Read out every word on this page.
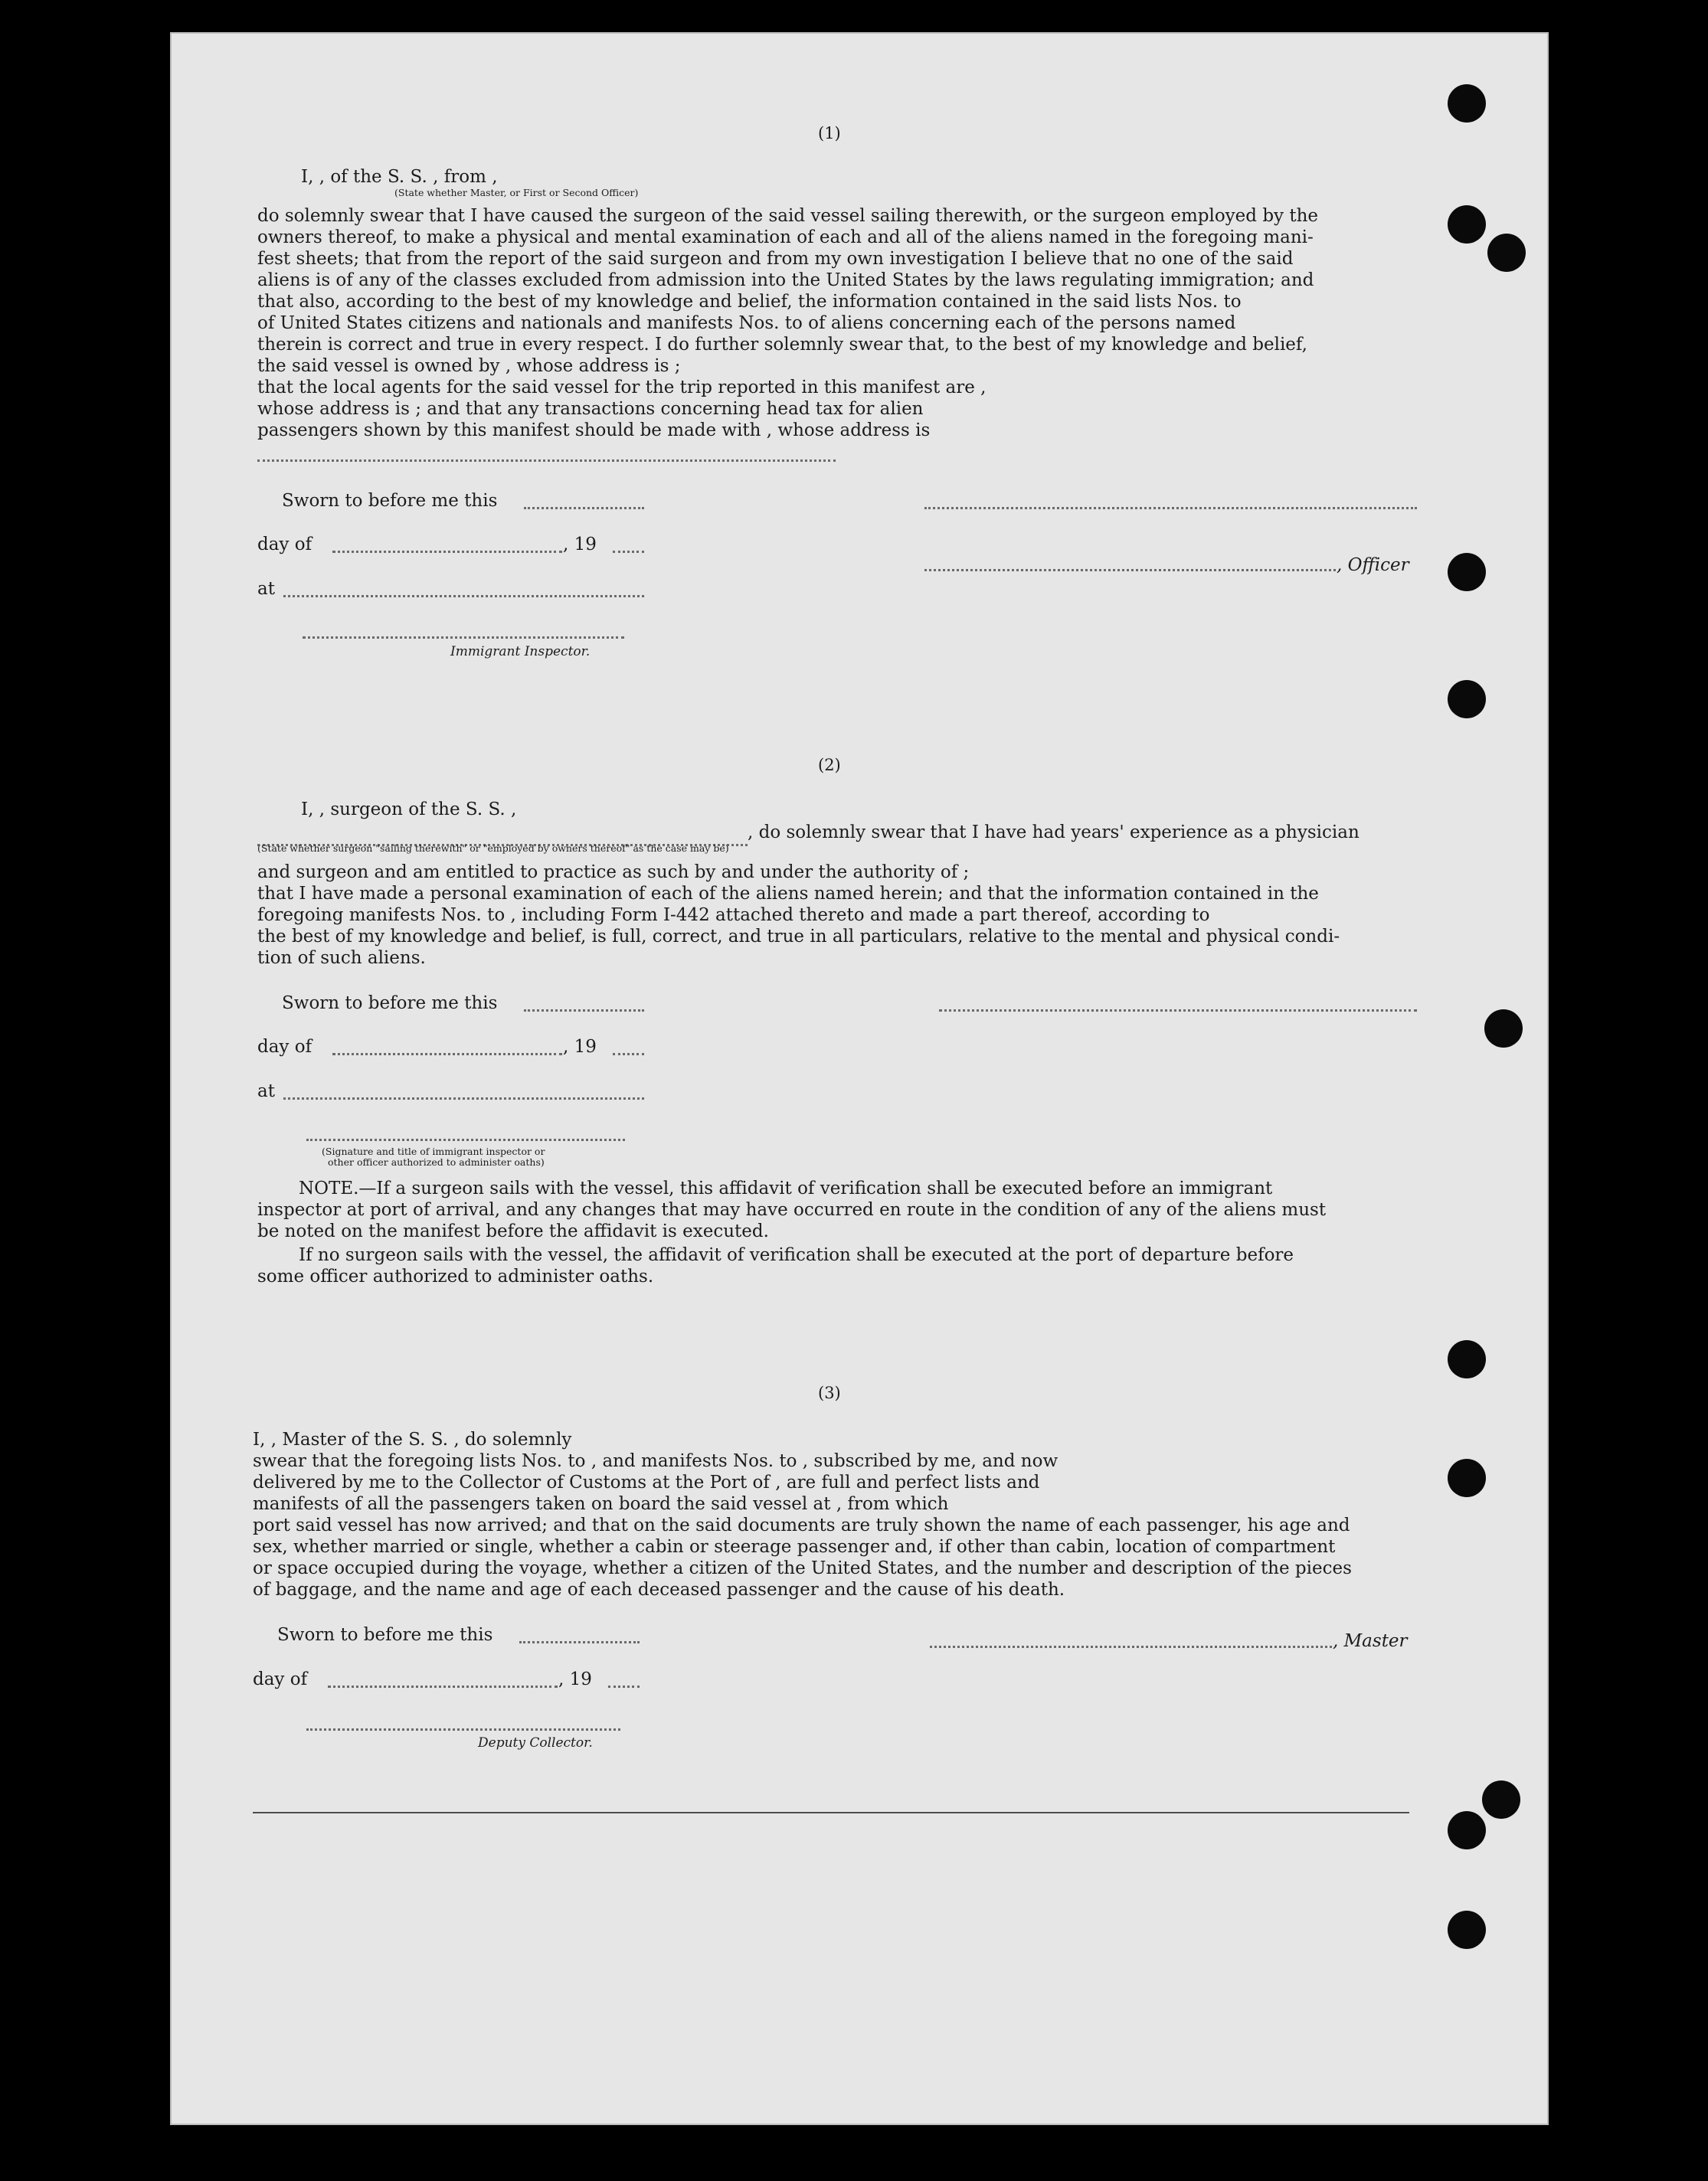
(1)
I, , of the S. S. , from ,
(State whether Master, or First or Second Officer)
do solemnly swear that I have caused the surgeon of the said vessel sailing therewith, or the surgeon employed by the
owners thereof, to make a physical and mental examination of each and all of the aliens named in the foregoing mani-
fest sheets; that from the report of the said surgeon and from my own investigation I believe that no one of the said
aliens is of any of the classes excluded from admission into the United States by the laws regulating immigration; and
that also, according to the best of my knowledge and belief, the information contained in the said lists Nos. to
of United States citizens and nationals and manifests Nos. to of aliens concerning each of the persons named
therein is correct and true in every respect. I do further solemnly swear that, to the best of my knowledge and belief,
the said vessel is owned by , whose address is ;
that the local agents for the said vessel for the trip reported in this manifest are ,
whose address is ; and that any transactions concerning head tax for alien
passengers shown by this manifest should be made with , whose address is
Sworn to before me this
day of	, 19
, Officer
at
Immigrant Inspector.
(2)
I, , surgeon of the S. S. ,
, do solemnly swear that I have had years' experience as a physician
(State whether surgeon "sailing therewith" or "employed by owners thereof" as the case may be)
and surgeon and am entitled to practice as such by and under the authority of ;
that I have made a personal examination of each of the aliens named herein; and that the information contained in the
foregoing manifests Nos. to , including Form I-442 attached thereto and made a part thereof, according to
the best of my knowledge and belief, is full, correct, and true in all particulars, relative to the mental and physical condi-
tion of such aliens.
Sworn to before me this
day of	, 19
at
(Signature and title of immigrant inspector or
other officer authorized to administer oaths)
NOTE.—If a surgeon sails with the vessel, this affidavit of verification shall be executed before an immigrant
inspector at port of arrival, and any changes that may have occurred en route in the condition of any of the aliens must
be noted on the manifest before the affidavit is executed.
If no surgeon sails with the vessel, the affidavit of verification shall be executed at the port of departure before
some officer authorized to administer oaths.
(3)
I, , Master of the S. S. , do solemnly
swear that the foregoing lists Nos. to , and manifests Nos. to , subscribed by me, and now
delivered by me to the Collector of Customs at the Port of , are full and perfect lists and
manifests of all the passengers taken on board the said vessel at , from which
port said vessel has now arrived; and that on the said documents are truly shown the name of each passenger, his age and
sex, whether married or single, whether a cabin or steerage passenger and, if other than cabin, location of compartment
or space occupied during the voyage, whether a citizen of the United States, and the number and description of the pieces
of baggage, and the name and age of each deceased passenger and the cause of his death.
Sworn to before me this	, Master
day of	, 19
Deputy Collector.
